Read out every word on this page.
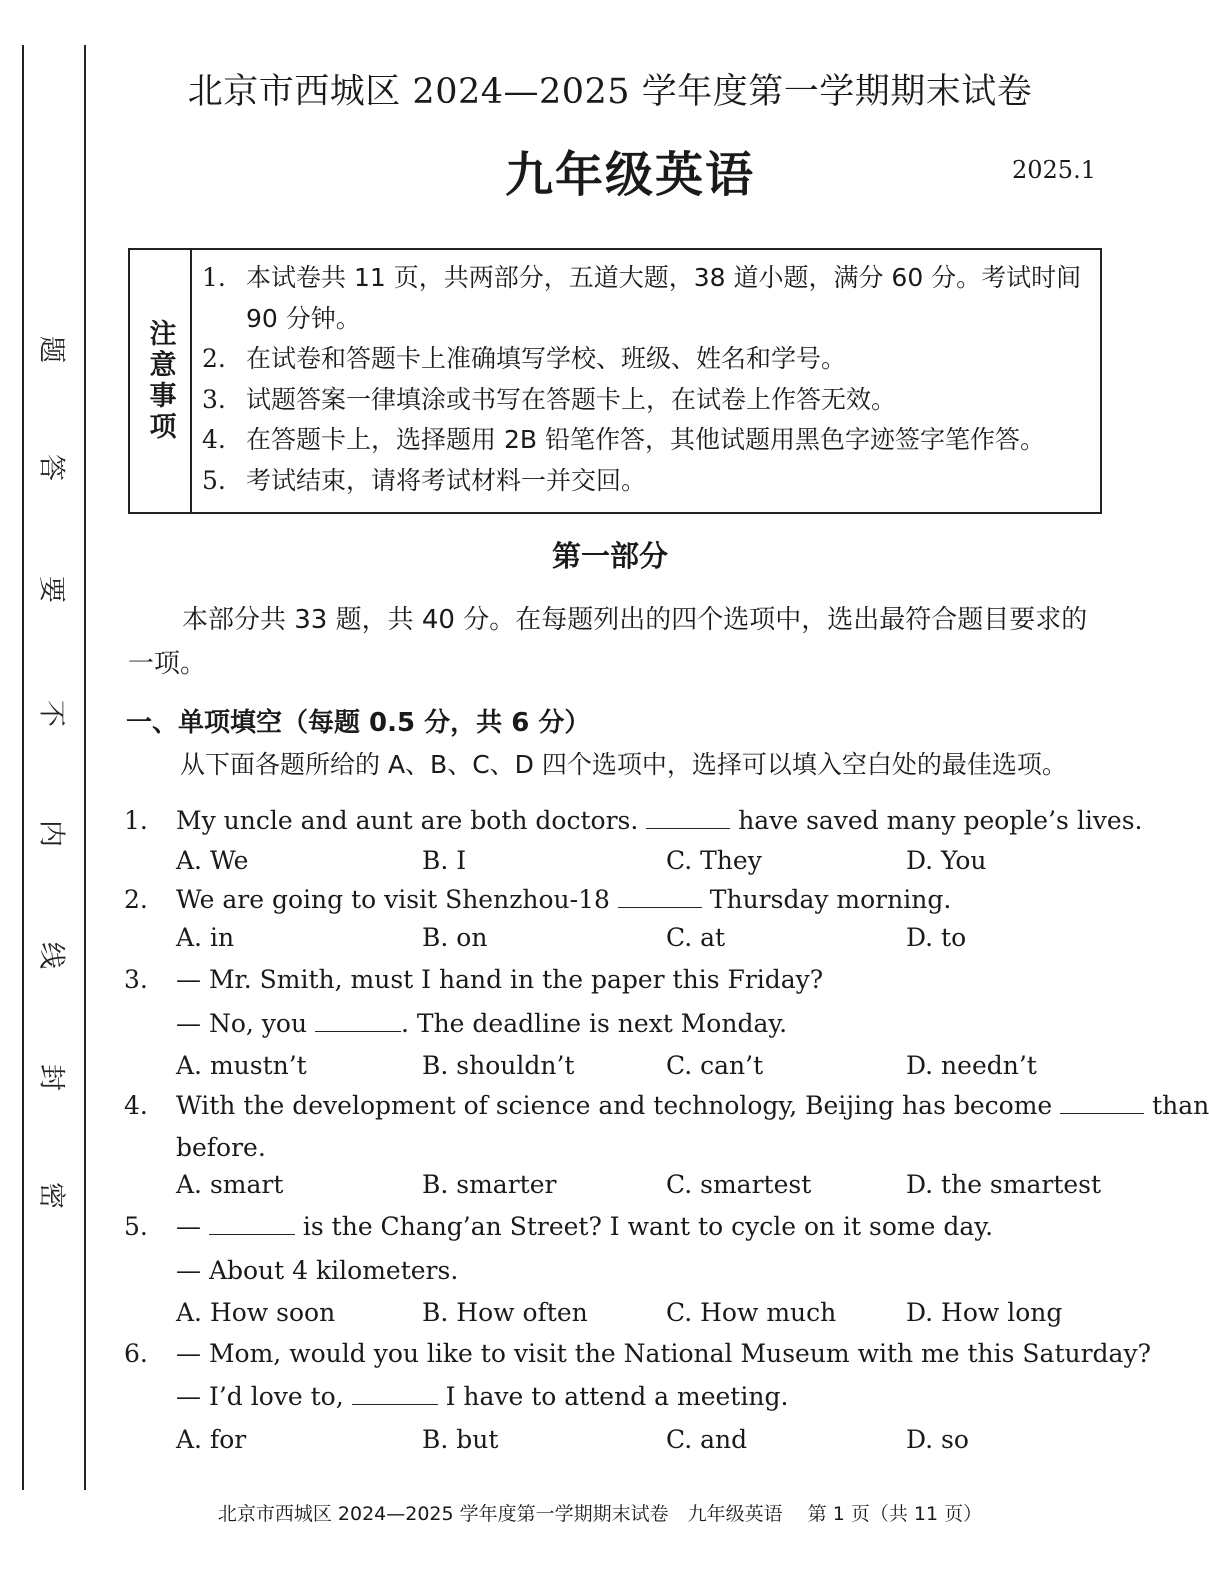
题
答
要
不
内
线
封
密
北京市西城区 2024—2025 学年度第一学期期末试卷
九年级英语	2025.1
注意事项
1. 本试卷共 11 页，共两部分，五道大题，38 道小题，满分 60 分。考试时间 90 分钟。
2. 在试卷和答题卡上准确填写学校、班级、姓名和学号。
3. 试题答案一律填涂或书写在答题卡上，在试卷上作答无效。
4. 在答题卡上，选择题用 2B 铅笔作答，其他试题用黑色字迹签字笔作答。
5. 考试结束，请将考试材料一并交回。
第一部分
本部分共 33 题，共 40 分。在每题列出的四个选项中，选出最符合题目要求的一项。
一、单项填空（每题 0.5 分，共 6 分）
从下面各题所给的 A、B、C、D 四个选项中，选择可以填入空白处的最佳选项。
1. My uncle and aunt are both doctors.	have saved many people’s lives.
A. We	B. I	C. They	D. You
2. We are going to visit Shenzhou-18	Thursday morning.
A. in	B. on	C. at	D. to
3. — Mr. Smith, must I hand in the paper this Friday?
— No, you	. The deadline is next Monday.
A. mustn’t	B. shouldn’t	C. can’t	D. needn’t
4. With the development of science and technology, Beijing has become	than
before.
A. smart	B. smarter	C. smartest	D. the smartest
5. —	is the Chang’an Street? I want to cycle on it some day.
— About 4 kilometers.
A. How soon	B. How often	C. How much	D. How long
6. — Mom, would you like to visit the National Museum with me this Saturday?
— I’d love to,	I have to attend a meeting.
A. for	B. but	C. and	D. so
北京市西城区 2024—2025 学年度第一学期期末试卷　九年级英语　 第 1 页（共 11 页）
